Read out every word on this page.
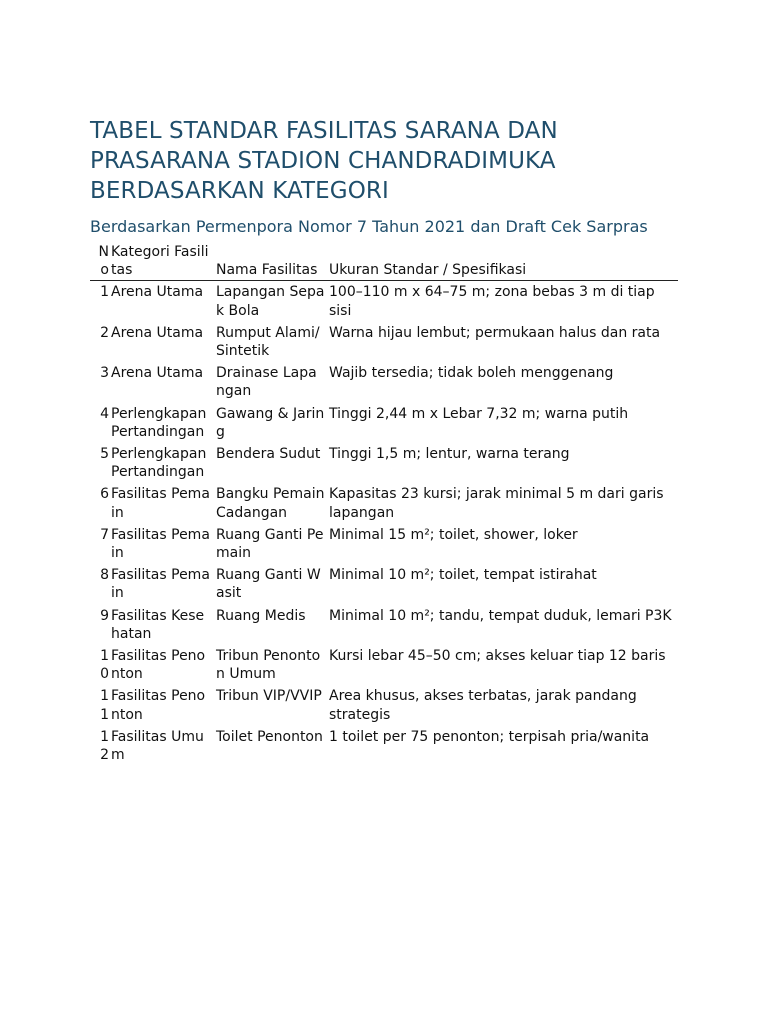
TABEL STANDAR FASILITAS SARANA DAN PRASARANA STADION CHANDRADIMUKA BERDASARKAN KATEGORI
Berdasarkan Permenpora Nomor 7 Tahun 2021 dan Draft Cek Sarpras
No	Kategori Fasilitas	Nama Fasilitas	Ukuran Standar / Spesifikasi
1	Arena Utama	Lapangan Sepak Bola	100–110 m x 64–75 m; zona bebas 3 m di tiap sisi
2	Arena Utama	Rumput Alami/Sintetik	Warna hijau lembut; permukaan halus dan rata
3	Arena Utama	Drainase Lapangan	Wajib tersedia; tidak boleh menggenang
4	Perlengkapan Pertandingan	Gawang & Jaring	Tinggi 2,44 m x Lebar 7,32 m; warna putih
5	Perlengkapan Pertandingan	Bendera Sudut	Tinggi 1,5 m; lentur, warna terang
6	Fasilitas Pemain	Bangku Pemain Cadangan	Kapasitas 23 kursi; jarak minimal 5 m dari garis lapangan
7	Fasilitas Pemain	Ruang Ganti Pemain	Minimal 15 m²; toilet, shower, loker
8	Fasilitas Pemain	Ruang Ganti Wasit	Minimal 10 m²; toilet, tempat istirahat
9	Fasilitas Kesehatan	Ruang Medis	Minimal 10 m²; tandu, tempat duduk, lemari P3K
10	Fasilitas Penonton	Tribun Penonton Umum	Kursi lebar 45–50 cm; akses keluar tiap 12 baris
11	Fasilitas Penonton	Tribun VIP/VVIP	Area khusus, akses terbatas, jarak pandang strategis
12	Fasilitas Umum	Toilet Penonton	1 toilet per 75 penonton; terpisah pria/wanita
